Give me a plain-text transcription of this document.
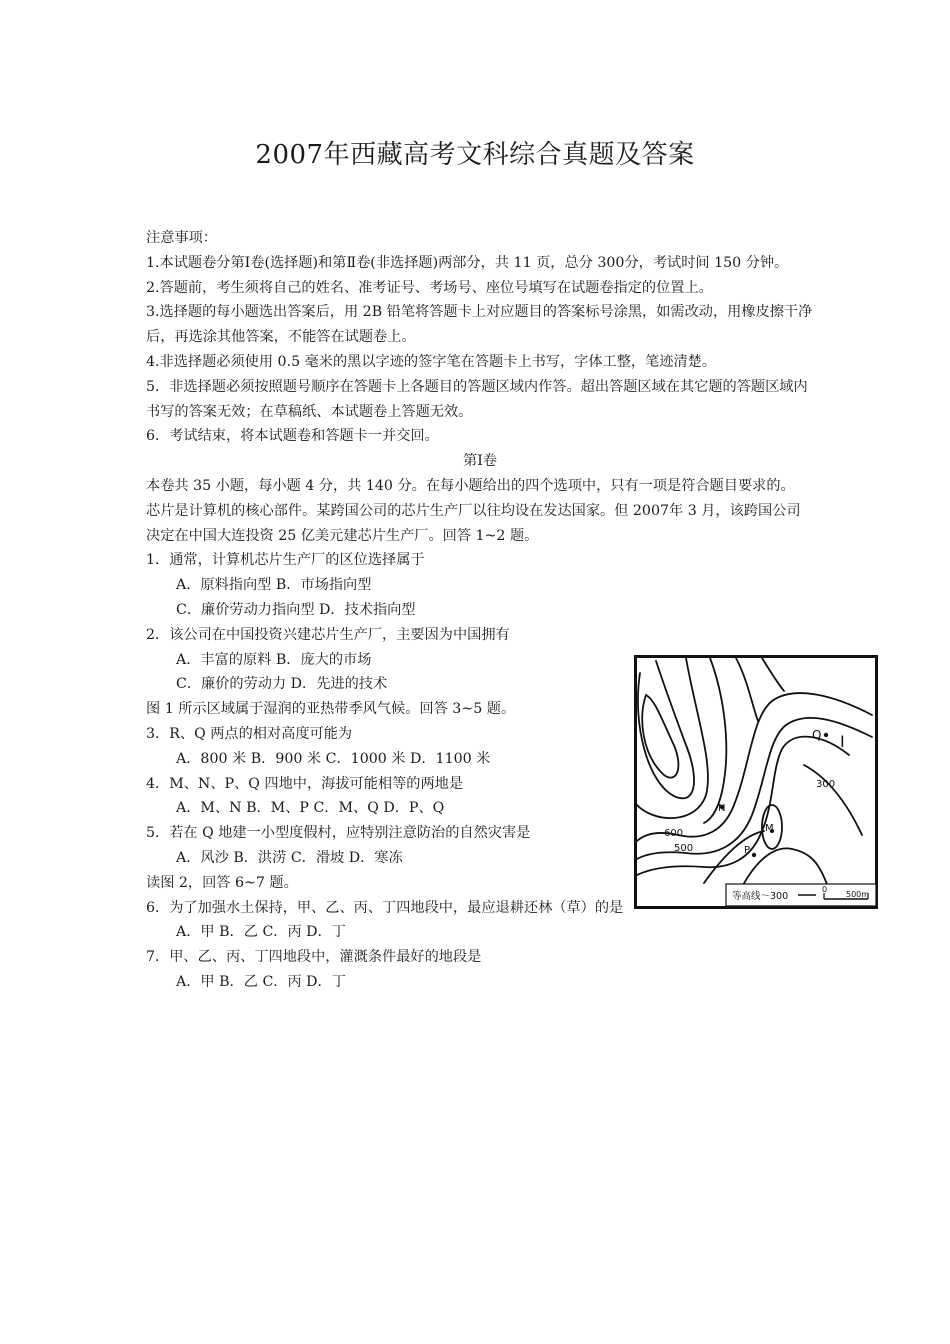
2007年西藏高考文科综合真题及答案
注意事项：
1.本试题卷分第Ⅰ卷(选择题)和第Ⅱ卷(非选择题)两部分，共 11 页，总分 300分，考试时间 150 分钟。
2.答题前，考生须将自己的姓名、准考证号、考场号、座位号填写在试题卷指定的位置上。
3.选择题的每小题选出答案后，用 2B 铅笔将答题卡上对应题目的答案标号涂黑，如需改动，用橡皮擦干净后，再选涂其他答案，不能答在试题卷上。
4.非选择题必须使用 0.5 毫米的黑以字迹的签字笔在答题卡上书写，字体工整，笔迹清楚。
5．非选择题必须按照题号顺序在答题卡上各题目的答题区域内作答。超出答题区域在其它题的答题区域内书写的答案无效；在草稿纸、本试题卷上答题无效。
6．考试结束，将本试题卷和答题卡一并交回。
第Ⅰ卷
本卷共 35 小题，每小题 4 分，共 140 分。在每小题给出的四个选项中，只有一项是符合题目要求的。
芯片是计算机的核心部件。某跨国公司的芯片生产厂以往均设在发达国家。但 2007年 3 月，该跨国公司决定在中国大连投资 25 亿美元建芯片生产厂。回答 1~2 题。
1．通常，计算机芯片生产厂的区位选择属于
A．原料指向型 B．市场指向型
C．廉价劳动力指向型 D．技术指向型
2．该公司在中国投资兴建芯片生产厂，主要因为中国拥有
A．丰富的原料 B．庞大的市场
C．廉价的劳动力 D．先进的技术
图 1 所示区域属于湿润的亚热带季风气候。回答 3~5 题。
3．R、Q 两点的相对高度可能为
A．800 米 B．900 米 C．1000 米 D．1100 米
4．M、N、P、Q 四地中，海拔可能相等的两地是
A．M、N B．M、P C．M、Q D．P、Q
5．若在 Q 地建一小型度假村，应特别注意防治的自然灾害是
A．风沙 B．洪涝 C．滑坡 D．寒冻
读图 2，回答 6~7 题。
6．为了加强水土保持，甲、乙、丙、丁四地段中，最应退耕还林（草）的是
A．甲 B．乙 C．丙 D．丁
7．甲、乙、丙、丁四地段中，灌溉条件最好的地段是
A．甲 B．乙 C．丙 D．丁
Q I
300
N
M
600
500	P
等高线～300
0
500m
